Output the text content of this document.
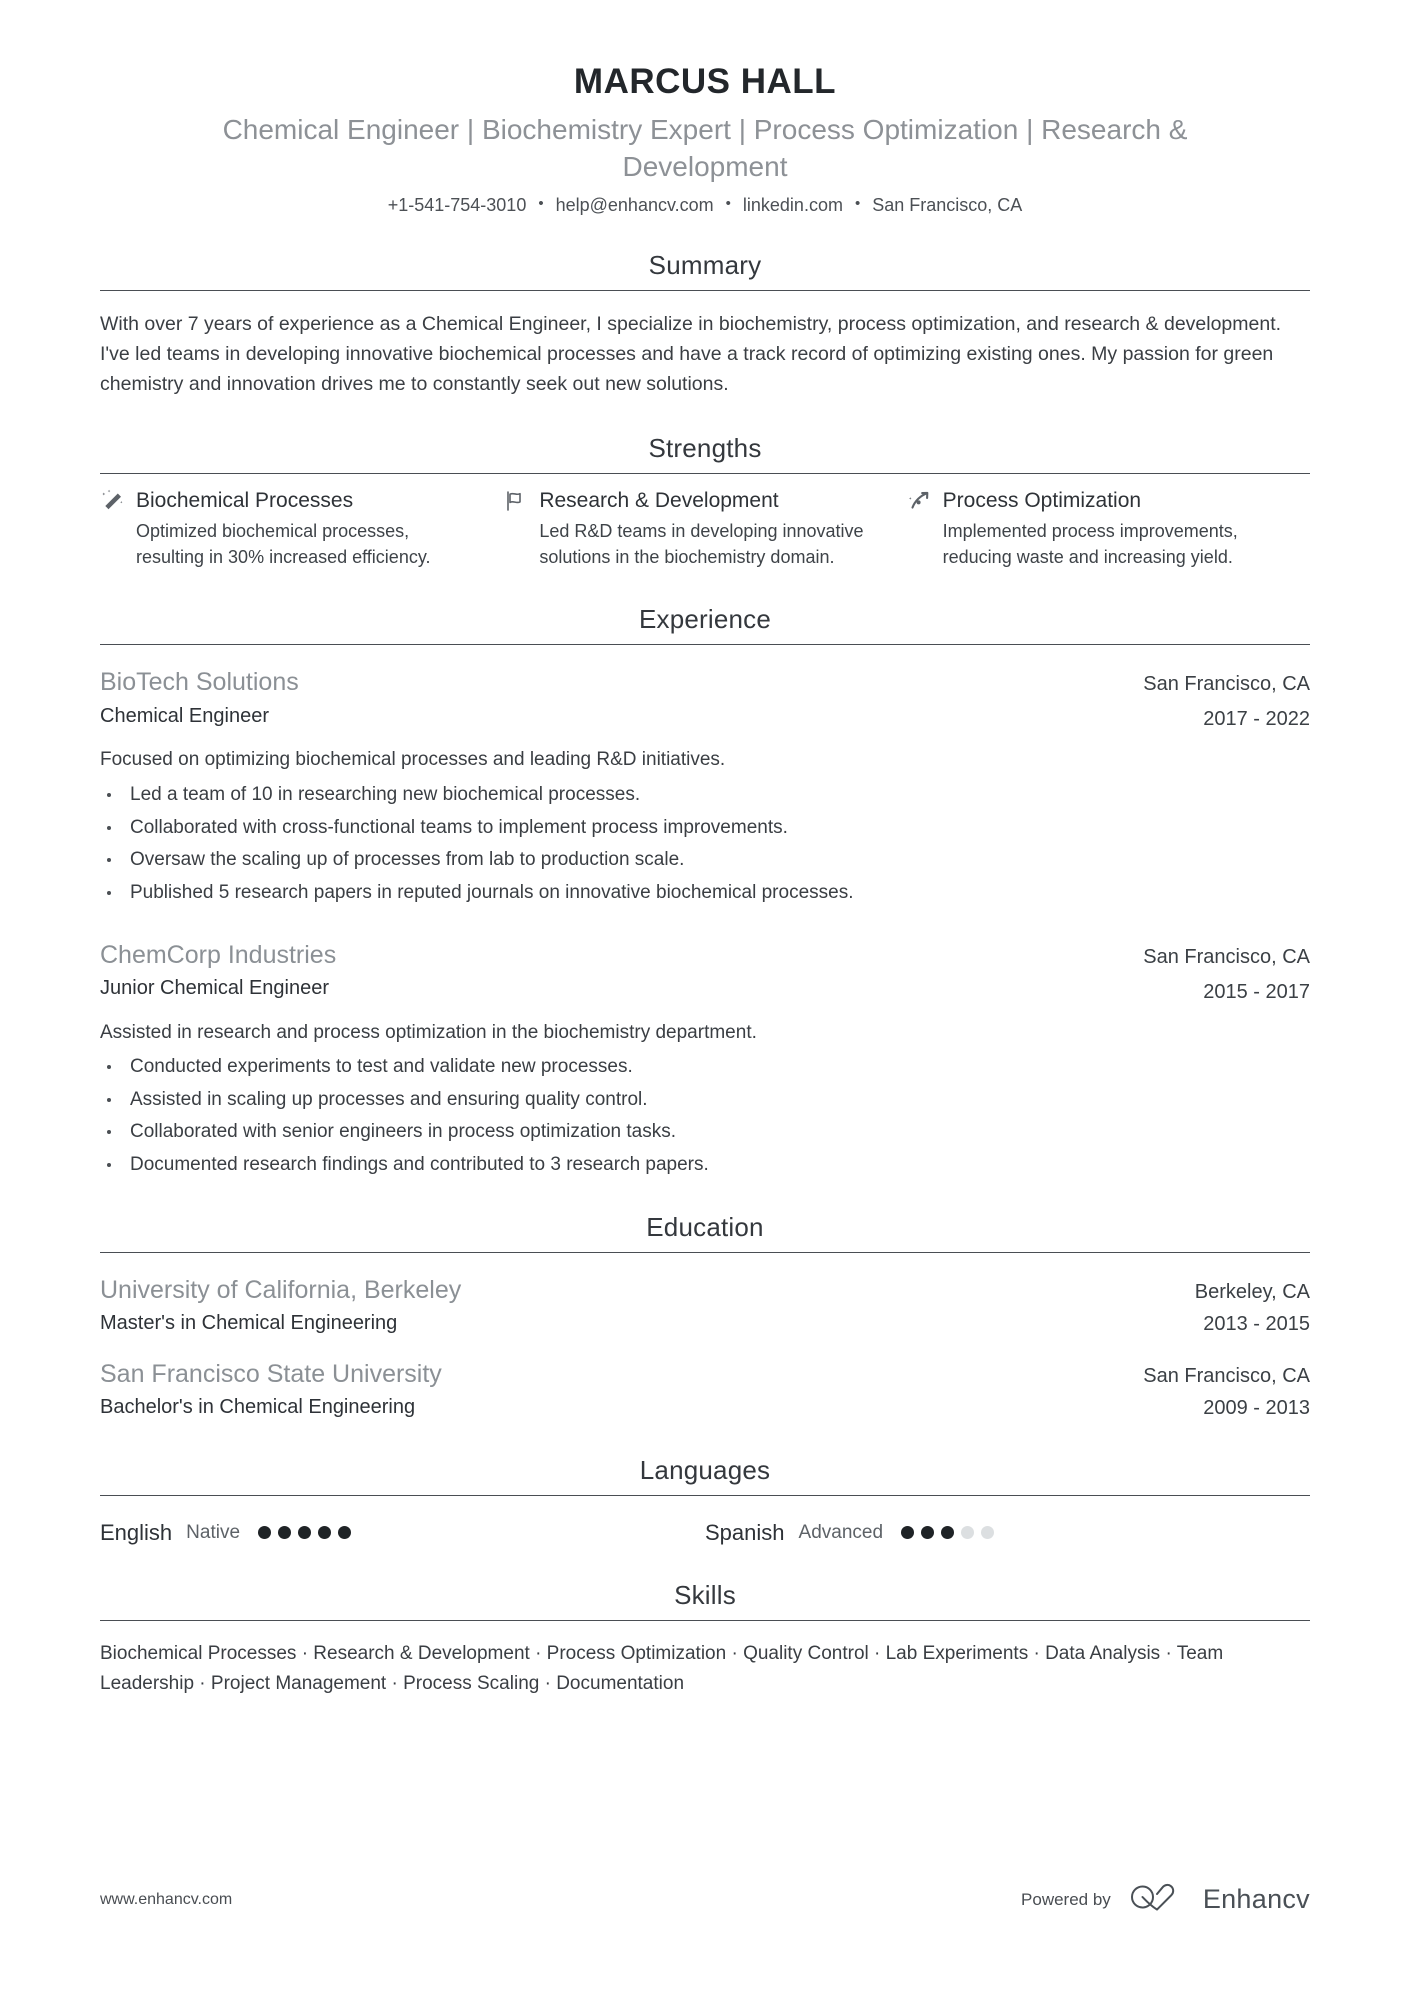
MARCUS HALL
Chemical Engineer | Biochemistry Expert | Process Optimization | Research & Development
+1-541-754-3010 • help@enhancv.com • linkedin.com • San Francisco, CA
Summary
With over 7 years of experience as a Chemical Engineer, I specialize in biochemistry, process optimization, and research & development. I've led teams in developing innovative biochemical processes and have a track record of optimizing existing ones. My passion for green chemistry and innovation drives me to constantly seek out new solutions.
Strengths
Biochemical Processes
Optimized biochemical processes, resulting in 30% increased efficiency.
Research & Development
Led R&D teams in developing innovative solutions in the biochemistry domain.
Process Optimization
Implemented process improvements, reducing waste and increasing yield.
Experience
BioTech Solutions
Chemical Engineer
San Francisco, CA
2017 - 2022
Focused on optimizing biochemical processes and leading R&D initiatives.
Led a team of 10 in researching new biochemical processes.
Collaborated with cross-functional teams to implement process improvements.
Oversaw the scaling up of processes from lab to production scale.
Published 5 research papers in reputed journals on innovative biochemical processes.
ChemCorp Industries
Junior Chemical Engineer
San Francisco, CA
2015 - 2017
Assisted in research and process optimization in the biochemistry department.
Conducted experiments to test and validate new processes.
Assisted in scaling up processes and ensuring quality control.
Collaborated with senior engineers in process optimization tasks.
Documented research findings and contributed to 3 research papers.
Education
University of California, Berkeley
Master's in Chemical Engineering
Berkeley, CA
2013 - 2015
San Francisco State University
Bachelor's in Chemical Engineering
San Francisco, CA
2009 - 2013
Languages
English Native	Spanish Advanced
Skills
Biochemical Processes · Research & Development · Process Optimization · Quality Control · Lab Experiments · Data Analysis · Team Leadership · Project Management · Process Scaling · Documentation
www.enhancv.com	Powered by	Enhancv
